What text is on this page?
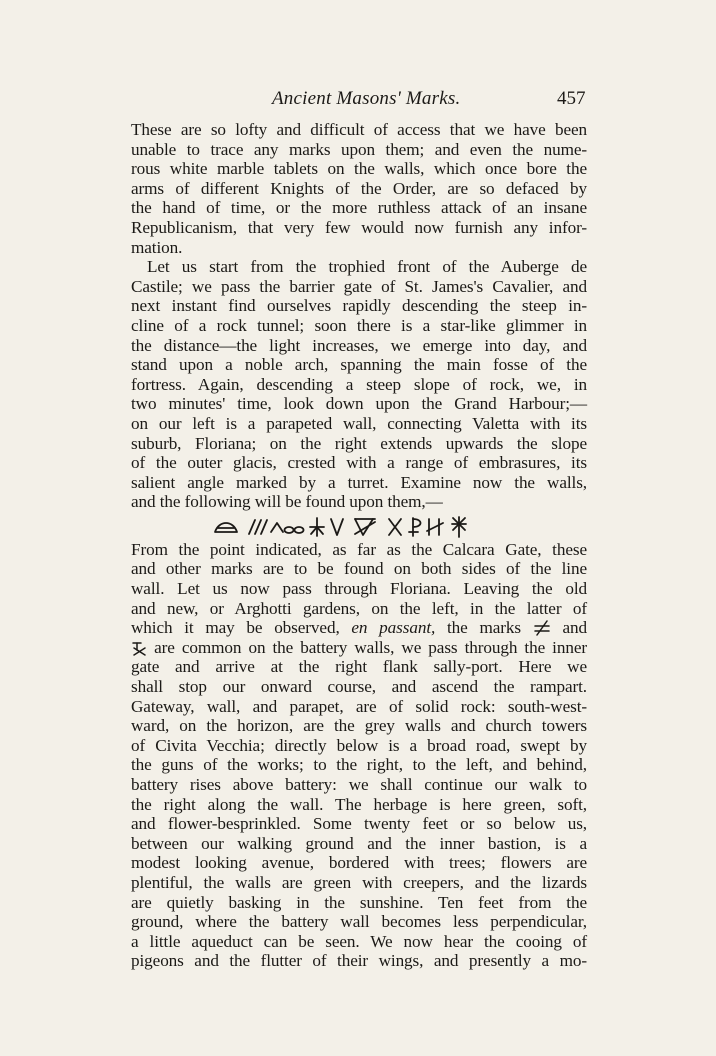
Ancient Masons' Marks.	457
These are so lofty and difficult of access that we have been
unable to trace any marks upon them; and even the nume-
rous white marble tablets on the walls, which once bore the
arms of different Knights of the Order, are so defaced by
the hand of time, or the more ruthless attack of an insane
Republicanism, that very few would now furnish any infor-
mation.
Let us start from the trophied front of the Auberge de
Castile; we pass the barrier gate of St. James's Cavalier, and
next instant find ourselves rapidly descending the steep in-
cline of a rock tunnel; soon there is a star-like glimmer in
the distance—the light increases, we emerge into day, and
stand upon a noble arch, spanning the main fosse of the
fortress. Again, descending a steep slope of rock, we, in
two minutes' time, look down upon the Grand Harbour;—
on our left is a parapeted wall, connecting Valetta with its
suburb, Floriana; on the right extends upwards the slope
of the outer glacis, crested with a range of embrasures, its
salient angle marked by a turret. Examine now the walls,
and the following will be found upon them,—
From the point indicated, as far as the Calcara Gate, these
and other marks are to be found on both sides of the line
wall. Let us now pass through Floriana. Leaving the old
and new, or Arghotti gardens, on the left, in the latter of
which it may be observed, en passant, the marks and
are common on the battery walls, we pass through the inner
gate and arrive at the right flank sally-port. Here we
shall stop our onward course, and ascend the rampart.
Gateway, wall, and parapet, are of solid rock: south-west-
ward, on the horizon, are the grey walls and church towers
of Civita Vecchia; directly below is a broad road, swept by
the guns of the works; to the right, to the left, and behind,
battery rises above battery: we shall continue our walk to
the right along the wall. The herbage is here green, soft,
and flower-besprinkled. Some twenty feet or so below us,
between our walking ground and the inner bastion, is a
modest looking avenue, bordered with trees; flowers are
plentiful, the walls are green with creepers, and the lizards
are quietly basking in the sunshine. Ten feet from the
ground, where the battery wall becomes less perpendicular,
a little aqueduct can be seen. We now hear the cooing of
pigeons and the flutter of their wings, and presently a mo-
